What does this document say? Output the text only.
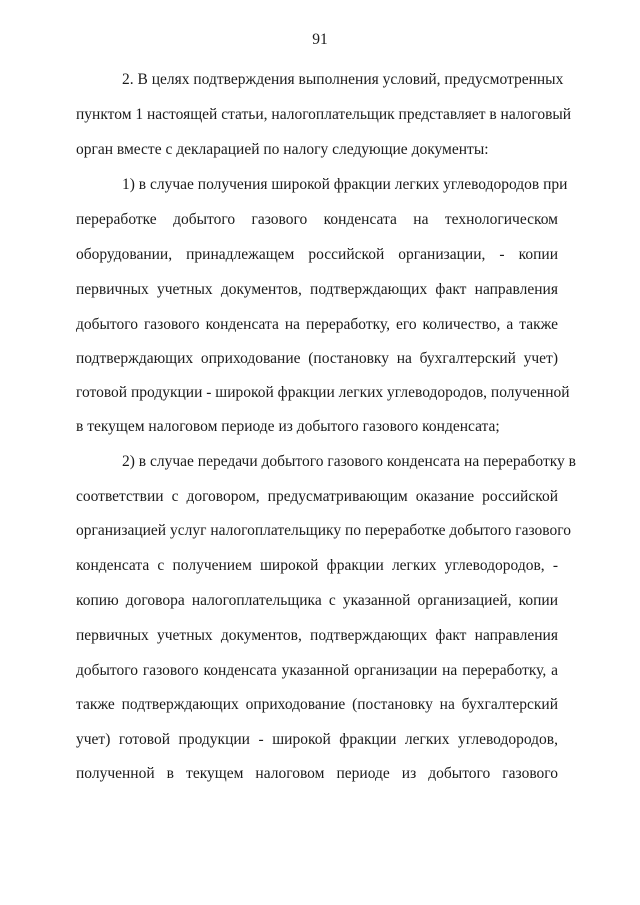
91
2. В целях подтверждения выполнения условий, предусмотренных
пунктом 1 настоящей статьи, налогоплательщик представляет в налоговый
орган вместе с декларацией по налогу следующие документы:
1) в случае получения широкой фракции легких углеводородов при
переработке добытого газового конденсата на технологическом
оборудовании, принадлежащем российской организации, - копии
первичных учетных документов, подтверждающих факт направления
добытого газового конденсата на переработку, его количество, а также
подтверждающих оприходование (постановку на бухгалтерский учет)
готовой продукции - широкой фракции легких углеводородов, полученной
в текущем налоговом периоде из добытого газового конденсата;
2) в случае передачи добытого газового конденсата на переработку в
соответствии с договором, предусматривающим оказание российской
организацией услуг налогоплательщику по переработке добытого газового
конденсата с получением широкой фракции легких углеводородов, -
копию договора налогоплательщика с указанной организацией, копии
первичных учетных документов, подтверждающих факт направления
добытого газового конденсата указанной организации на переработку, а
также подтверждающих оприходование (постановку на бухгалтерский
учет) готовой продукции - широкой фракции легких углеводородов,
полученной в текущем налоговом периоде из добытого газового
